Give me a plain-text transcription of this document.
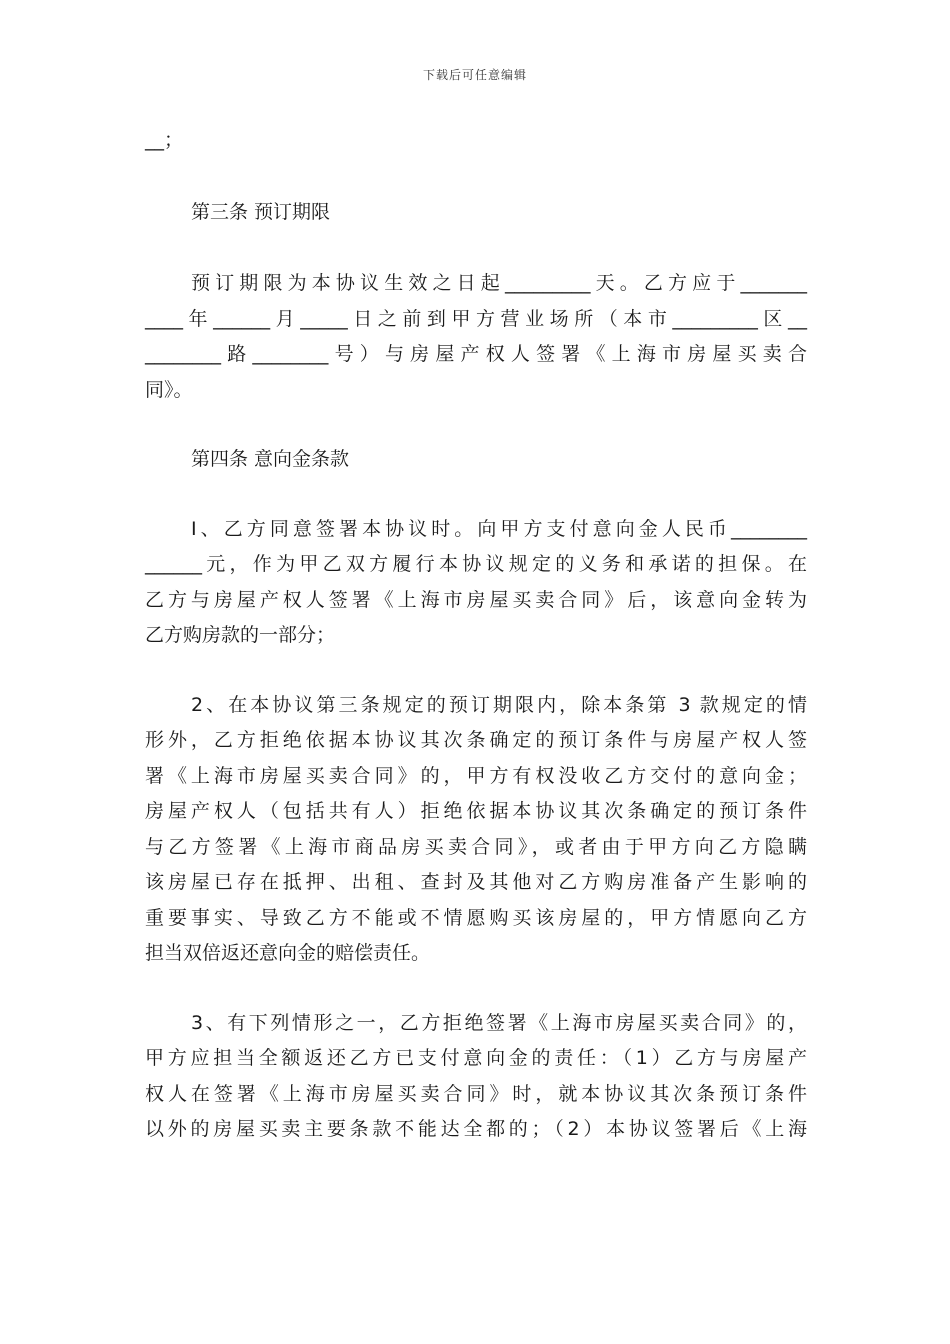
下载后可任意编辑
__；
第三条 预订期限
预订期限为本协议生效之日起_________天。乙方应于_______
____年______月_____日之前到甲方营业场所（本市_________区__
________路________号）与房屋产权人签署《上海市房屋买卖合
同》。
第四条 意向金条款
I、乙方同意签署本协议时。向甲方支付意向金人民币________
______元，作为甲乙双方履行本协议规定的义务和承诺的担保。在
乙方与房屋产权人签署《上海市房屋买卖合同》后，该意向金转为
乙方购房款的一部分；
2、在本协议第三条规定的预订期限内，除本条第 3 款规定的情
形外，乙方拒绝依据本协议其次条确定的预订条件与房屋产权人签
署《上海市房屋买卖合同》的，甲方有权没收乙方交付的意向金；
房屋产权人（包括共有人）拒绝依据本协议其次条确定的预订条件
与乙方签署《上海市商品房买卖合同》，或者由于甲方向乙方隐瞒
该房屋已存在抵押、出租、查封及其他对乙方购房准备产生影响的
重要事实、导致乙方不能或不情愿购买该房屋的，甲方情愿向乙方
担当双倍返还意向金的赔偿责任。
3、有下列情形之一，乙方拒绝签署《上海市房屋买卖合同》的，
甲方应担当全额返还乙方已支付意向金的责任：（1）乙方与房屋产
权人在签署《上海市房屋买卖合同》时，就本协议其次条预订条件
以外的房屋买卖主要条款不能达全都的；（2）本协议签署后《上海
